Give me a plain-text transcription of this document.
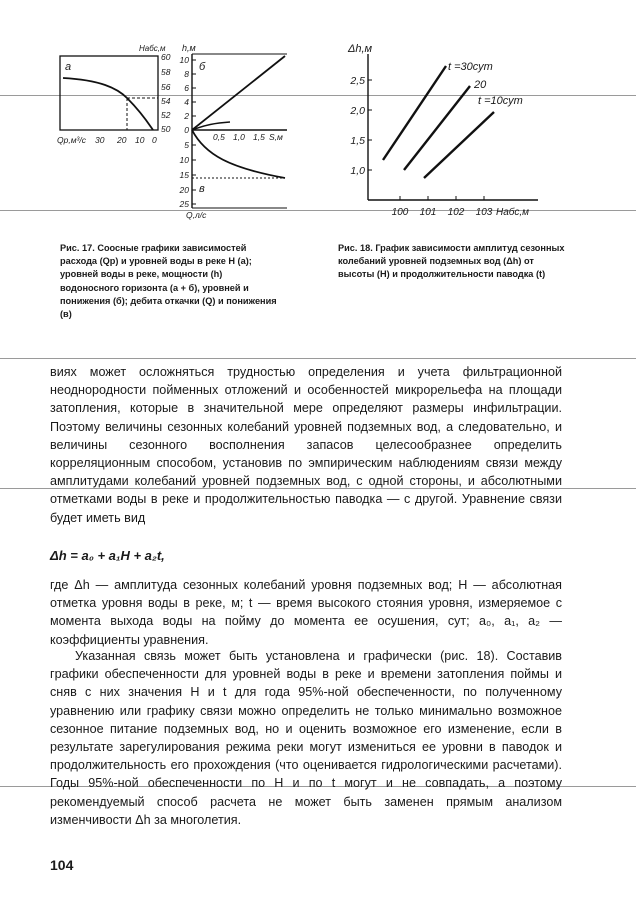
а
Hабс,м
60
58
56
54
52
50
Qр,м³/с 30 20 10 0
h,м
10
8
6
4
2
0
5
10
15
20
25
б
в
0,5 1,0 1,5 S,м
Q,л/с
Δh,м
2,5
2,0
1,5
1,0
100 101 102 103 Hабс,м
t =30сут
20
t =10сут
Рис. 17. Соосные графики зависимостей расхода (Qр) и уровней воды в реке H (а); уровней воды в реке, мощности (h) водоносного горизонта (а + б), уровней и понижения (б); дебита откачки (Q) и понижения (в)
Рис. 18. График зависимости амплитуд сезонных колебаний уровней подземных вод (Δh) от высоты (H) и продолжительности паводка (t)
виях может осложняться трудностью определения и учета фильтрационной неоднородности пойменных отложений и особенностей микрорельефа на площади затопления, которые в значительной мере определяют размеры инфильтрации. Поэтому величины сезонных колебаний уровней подземных вод, а следовательно, и величины сезонного восполнения запасов целесообразнее определить корреляционным способом, установив по эмпирическим наблюдениям связи между амплитудами колебаний уровней подземных вод, с одной стороны, и абсолютными отметками воды в реке и продолжительностью паводка — с другой. Уравнение связи будет иметь вид
Δh = a₀ + a₁H + a₂t,
где Δh — амплитуда сезонных колебаний уровня подземных вод; H — абсолютная отметка уровня воды в реке, м; t — время высокого стояния уровня, измеряемое с момента выхода воды на пойму до момента ее осушения, сут; a₀, a₁, a₂ — коэффициенты уравнения.
Указанная связь может быть установлена и графически (рис. 18). Составив графики обеспеченности для уровней воды в реке и времени затопления поймы и сняв с них значения H и t для года 95%-ной обеспеченности, по полученному уравнению или графику связи можно определить не только минимально возможное сезонное питание подземных вод, но и оценить возможное его изменение, если в результате зарегулирования режима реки могут измениться ее уровни в паводок и продолжительность его прохождения (что оценивается гидрологическими расчетами). Годы 95%-ной обеспеченности по H и по t могут и не совпадать, а поэтому рекомендуемый способ расчета не может быть заменен прямым анализом изменчивости Δh за многолетия.
104
